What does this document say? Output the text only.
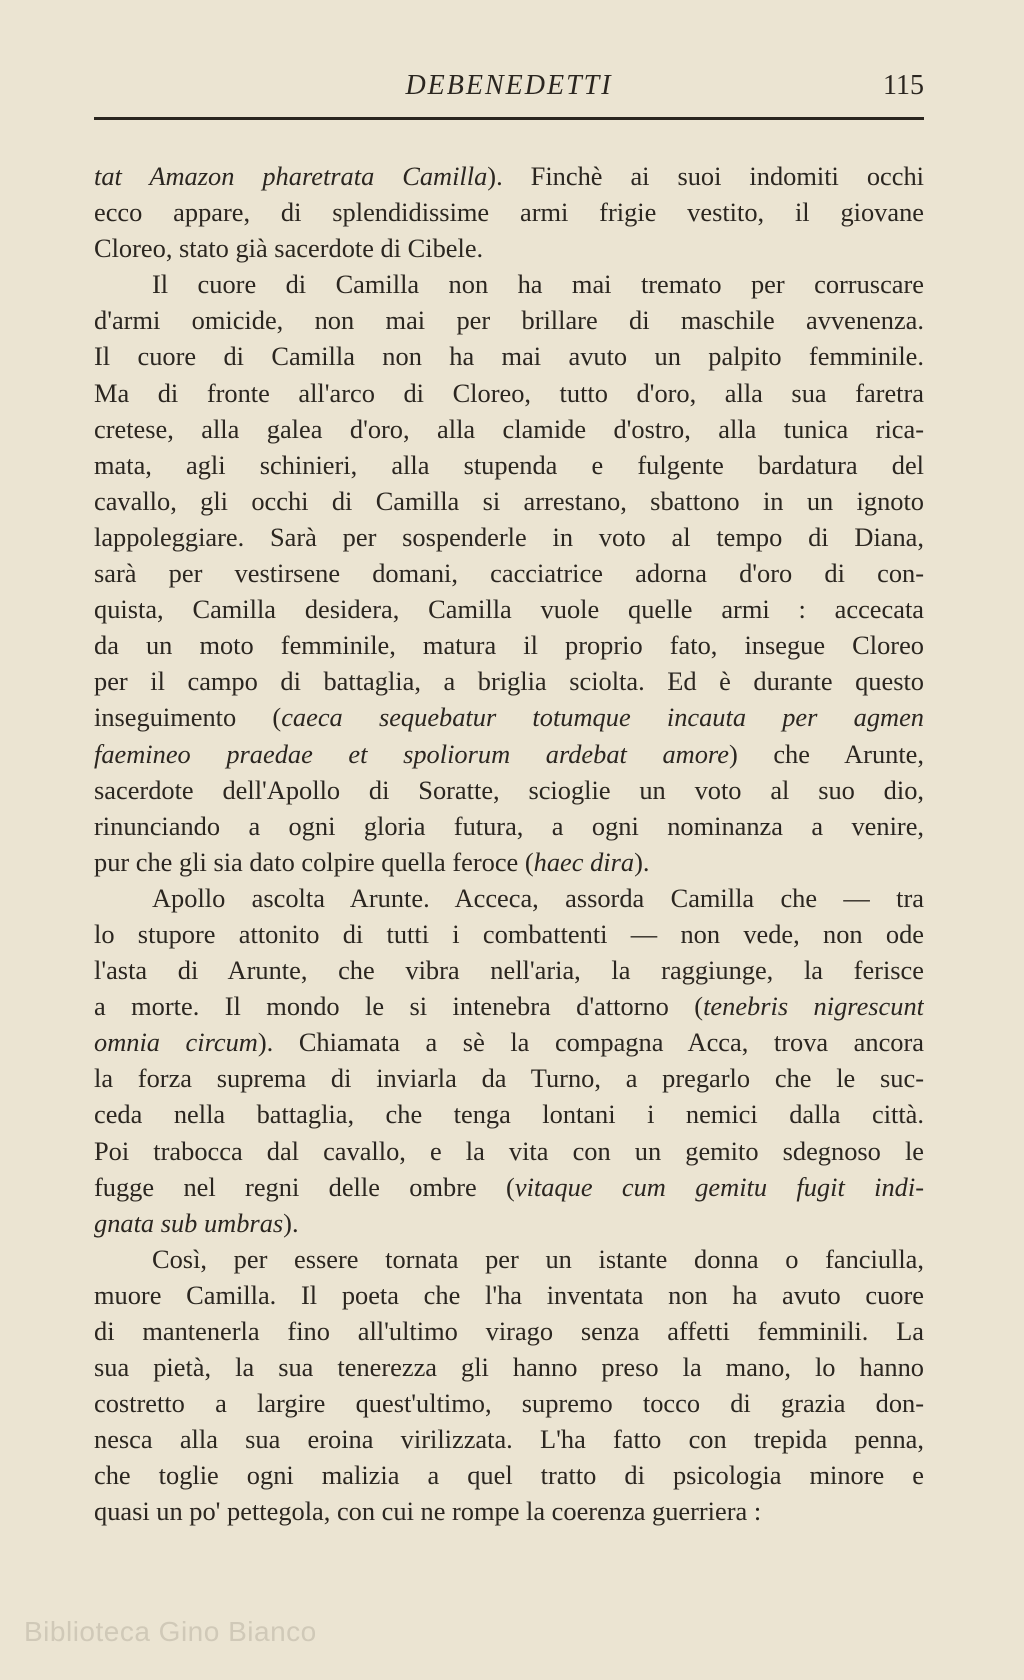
DEBENEDETTI	115
tat Amazon pharetrata Camilla). Finchè ai suoi indomiti occhi
ecco appare, di splendidissime armi frigie vestito, il giovane
Cloreo, stato già sacerdote di Cibele.
Il cuore di Camilla non ha mai tremato per corruscare
d'armi omicide, non mai per brillare di maschile avvenenza.
Il cuore di Camilla non ha mai avuto un palpito femminile.
Ma di fronte all'arco di Cloreo, tutto d'oro, alla sua faretra
cretese, alla galea d'oro, alla clamide d'ostro, alla tunica rica-
mata, agli schinieri, alla stupenda e fulgente bardatura del
cavallo, gli occhi di Camilla si arrestano, sbattono in un ignoto
lappoleggiare. Sarà per sospenderle in voto al tempo di Diana,
sarà per vestirsene domani, cacciatrice adorna d'oro di con-
quista, Camilla desidera, Camilla vuole quelle armi : accecata
da un moto femminile, matura il proprio fato, insegue Cloreo
per il campo di battaglia, a briglia sciolta. Ed è durante questo
inseguimento (caeca sequebatur totumque incauta per agmen
faemineo praedae et spoliorum ardebat amore) che Arunte,
sacerdote dell'Apollo di Soratte, scioglie un voto al suo dio,
rinunciando a ogni gloria futura, a ogni nominanza a venire,
pur che gli sia dato colpire quella feroce (haec dira).
Apollo ascolta Arunte. Acceca, assorda Camilla che — tra
lo stupore attonito di tutti i combattenti — non vede, non ode
l'asta di Arunte, che vibra nell'aria, la raggiunge, la ferisce
a morte. Il mondo le si intenebra d'attorno (tenebris nigrescunt
omnia circum). Chiamata a sè la compagna Acca, trova ancora
la forza suprema di inviarla da Turno, a pregarlo che le suc-
ceda nella battaglia, che tenga lontani i nemici dalla città.
Poi trabocca dal cavallo, e la vita con un gemito sdegnoso le
fugge nel regni delle ombre (vitaque cum gemitu fugit indi-
gnata sub umbras).
Così, per essere tornata per un istante donna o fanciulla,
muore Camilla. Il poeta che l'ha inventata non ha avuto cuore
di mantenerla fino all'ultimo virago senza affetti femminili. La
sua pietà, la sua tenerezza gli hanno preso la mano, lo hanno
costretto a largire quest'ultimo, supremo tocco di grazia don-
nesca alla sua eroina virilizzata. L'ha fatto con trepida penna,
che toglie ogni malizia a quel tratto di psicologia minore e
quasi un po' pettegola, con cui ne rompe la coerenza guerriera :
Biblioteca Gino Bianco
